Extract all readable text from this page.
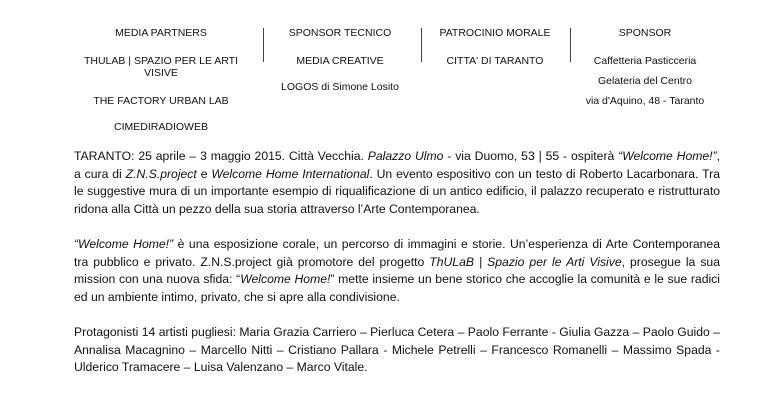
MEDIA PARTNERS
THULAB | SPAZIO PER LE ARTI VISIVE
THE FACTORY URBAN LAB
CIMEDIRADIOWEB
SPONSOR TECNICO
MEDIA CREATIVE
LOGOS di Simone Losito
PATROCINIO MORALE
CITTA' DI TARANTO
SPONSOR
Caffetteria Pasticceria
Gelateria del Centro
via d'Aquino, 48 - Taranto

TARANTO: 25 aprile – 3 maggio 2015. Città Vecchia. Palazzo Ulmo - via Duomo, 53 | 55 - ospiterà “Welcome Home!”, a cura di Z.N.S.project e Welcome Home International. Un evento espositivo con un testo di Roberto Lacarbonara. Tra le suggestive mura di un importante esempio di riqualificazione di un antico edificio, il palazzo recuperato e ristrutturato ridona alla Città un pezzo della sua storia attraverso l’Arte Contemporanea.

“Welcome Home!” è una esposizione corale, un percorso di immagini e storie. Un’esperienza di Arte Contemporanea tra pubblico e privato. Z.N.S.project già promotore del progetto ThULaB | Spazio per le Arti Visive, prosegue la sua mission con una nuova sfida: “Welcome Home!” mette insieme un bene storico che accoglie la comunità e le sue radici ed un ambiente intimo, privato, che si apre alla condivisione.

Protagonisti 14 artisti pugliesi: Maria Grazia Carriero – Pierluca Cetera – Paolo Ferrante - Giulia Gazza – Paolo Guido – Annalisa Macagnino – Marcello Nitti – Cristiano Pallara - Michele Petrelli – Francesco Romanelli – Massimo Spada - Ulderico Tramacere – Luisa Valenzano – Marco Vitale.
